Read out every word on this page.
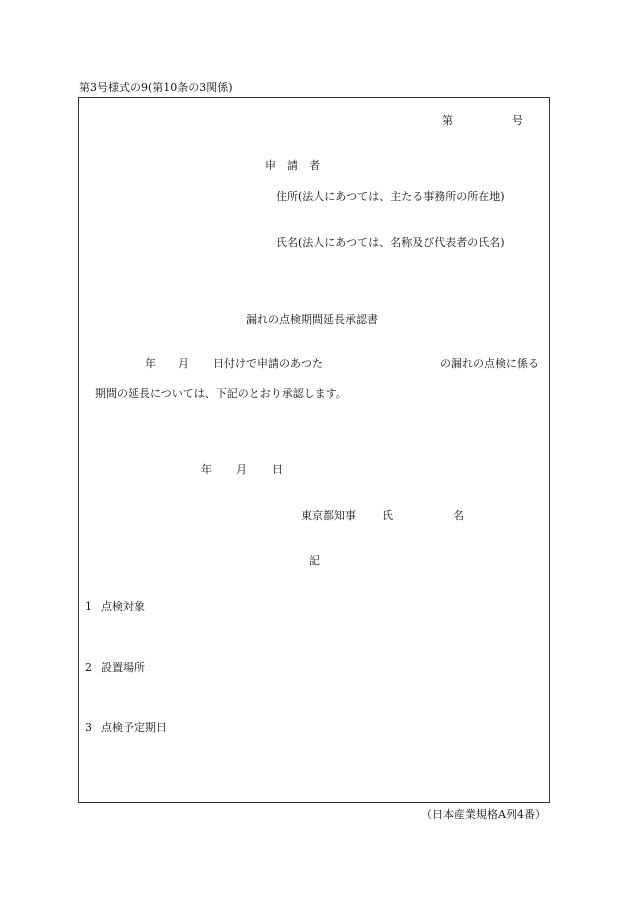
第3号様式の9(第10条の3関係)
第	号
申　請　者
住所(法人にあつては、主たる事務所の所在地)
氏名(法人にあつては、名称及び代表者の氏名)
漏れの点検期間延長承認書
年 月 日付けで申請のあつた	の漏れの点検に係る
期間の延長については、下記のとおり承認します。
年 月 日
東京都知事 氏	名
記
1 点検対象
2 設置場所
3 点検予定期日
（日本産業規格A列4番）
